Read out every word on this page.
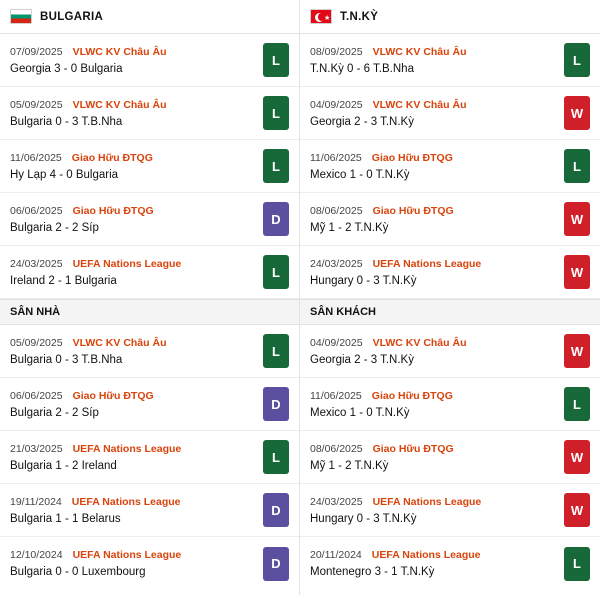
BULGARIA
07/09/2025 VLWC KV Châu Âu
Georgia 3 - 0 Bulgaria
L
05/09/2025 VLWC KV Châu Âu
Bulgaria 0 - 3 T.B.Nha
L
11/06/2025 Giao Hữu ĐTQG
Hy Lạp 4 - 0 Bulgaria
L
06/06/2025 Giao Hữu ĐTQG
Bulgaria 2 - 2 Síp
D
24/03/2025 UEFA Nations League
Ireland 2 - 1 Bulgaria
L
SÂN NHÀ
05/09/2025 VLWC KV Châu Âu
Bulgaria 0 - 3 T.B.Nha
L
06/06/2025 Giao Hữu ĐTQG
Bulgaria 2 - 2 Síp
D
21/03/2025 UEFA Nations League
Bulgaria 1 - 2 Ireland
L
19/11/2024 UEFA Nations League
Bulgaria 1 - 1 Belarus
D
12/10/2024 UEFA Nations League
Bulgaria 0 - 0 Luxembourg
D
★ T.N.KỲ
08/09/2025 VLWC KV Châu Âu
T.N.Kỳ 0 - 6 T.B.Nha
L
04/09/2025 VLWC KV Châu Âu
Georgia 2 - 3 T.N.Kỳ
W
11/06/2025 Giao Hữu ĐTQG
Mexico 1 - 0 T.N.Kỳ
L
08/06/2025 Giao Hữu ĐTQG
Mỹ 1 - 2 T.N.Kỳ
W
24/03/2025 UEFA Nations League
Hungary 0 - 3 T.N.Kỳ
W
SÂN KHÁCH
04/09/2025 VLWC KV Châu Âu
Georgia 2 - 3 T.N.Kỳ
W
11/06/2025 Giao Hữu ĐTQG
Mexico 1 - 0 T.N.Kỳ
L
08/06/2025 Giao Hữu ĐTQG
Mỹ 1 - 2 T.N.Kỳ
W
24/03/2025 UEFA Nations League
Hungary 0 - 3 T.N.Kỳ
W
20/11/2024 UEFA Nations League
Montenegro 3 - 1 T.N.Kỳ
L
